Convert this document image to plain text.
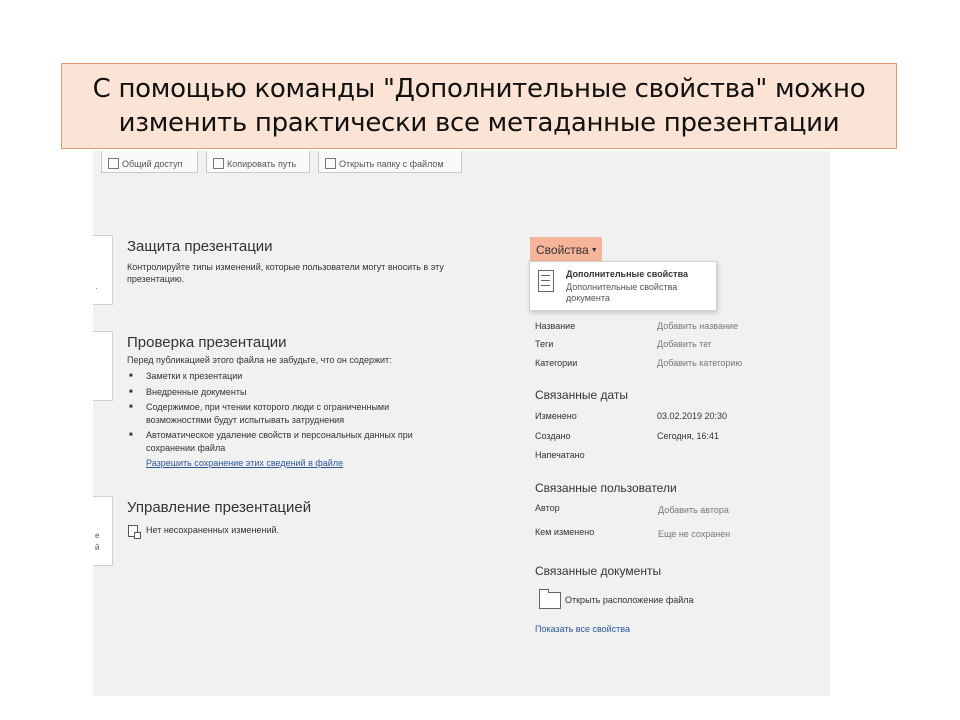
С помощью команды "Дополнительные свойства" можно
изменить практически все метаданные презентации
Общий доступ	Копировать путь	Открыть папку с файлом
·
е
й
Защита презентации
Контролируйте типы изменений, которые пользователи могут вносить в эту презентацию.
Проверка презентации
Перед публикацией этого файла не забудьте, что он содержит:
■ Заметки к презентации
■ Внедренные документы
■ Содержимое, при чтении которого люди с ограниченными возможностями будут испытывать затруднения
■ Автоматическое удаление свойств и персональных данных при сохранении файла
Разрешить сохранение этих сведений в файле
Управление презентацией
Нет несохраненных изменений.
Свойства ▼
Дополнительные свойства
Дополнительные свойства документа
Название	Добавить название
Теги	Добавить тег
Категории	Добавить категорию
Связанные даты
Изменено	03.02.2019 20:30
Создано	Сегодня, 16:41
Напечатано
Связанные пользователи
Автор	Добавить автора
Кем изменено	Еще не сохранен
Связанные документы
Открыть расположение файла
Показать все свойства
